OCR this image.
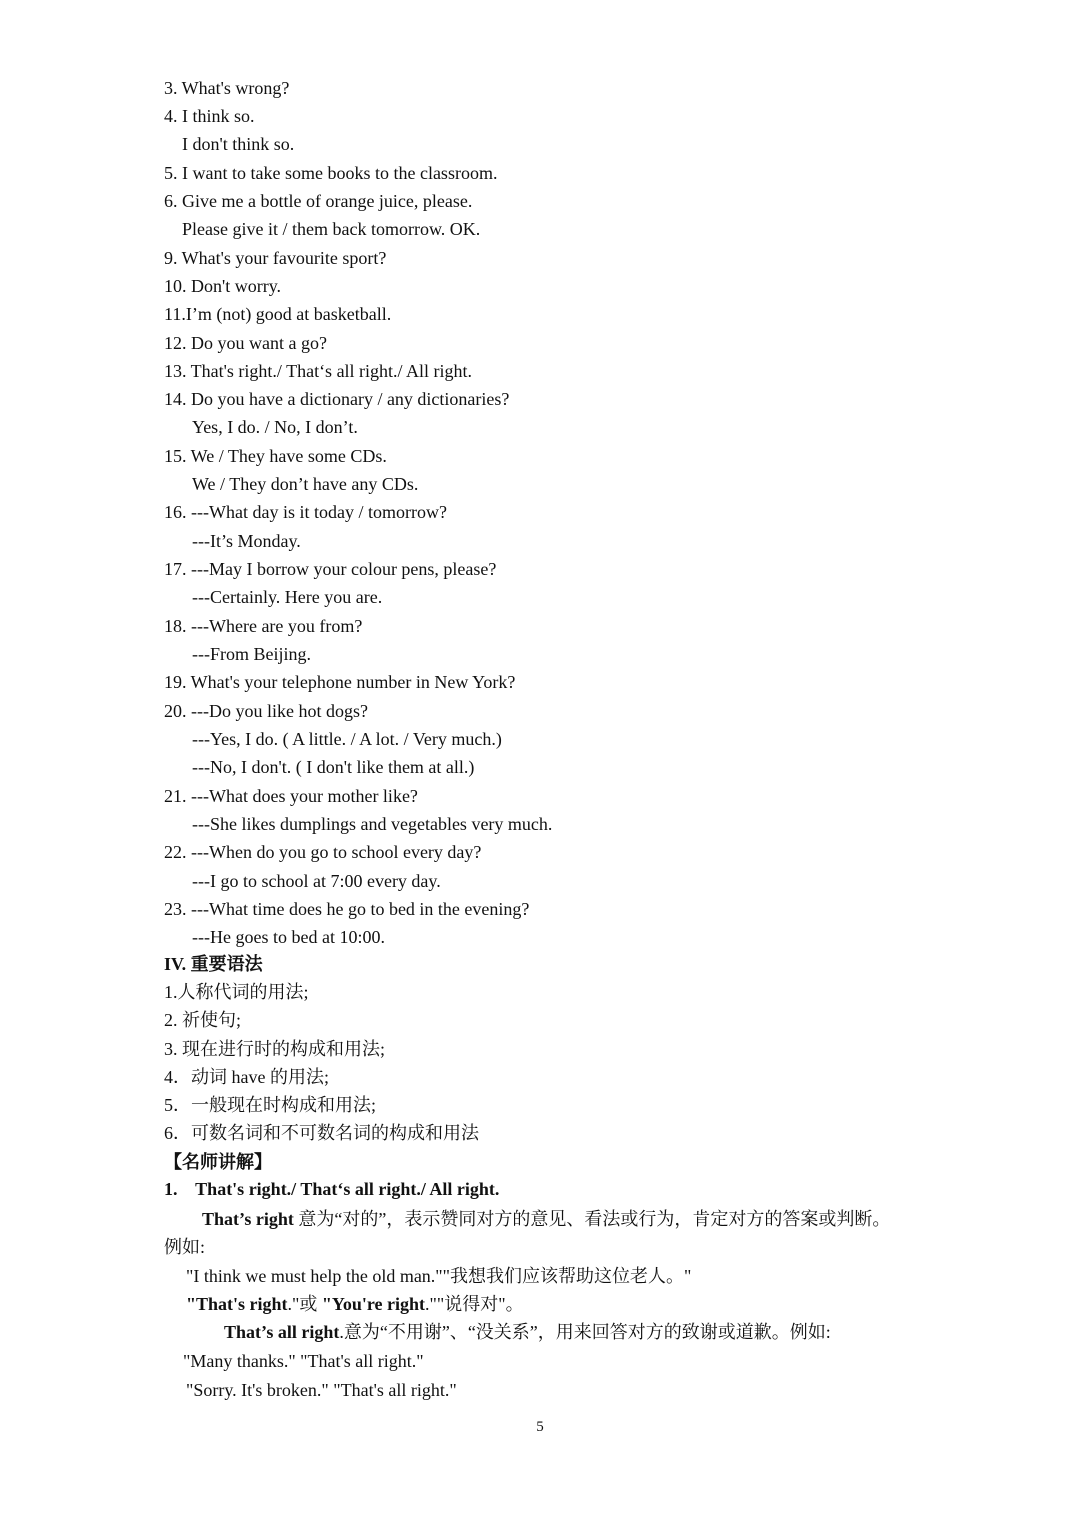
3. What's wrong?
4. I think so.
I don't think so.
5. I want to take some books to the classroom.
6. Give me a bottle of orange juice, please.
Please give it / them back tomorrow. OK.
9. What's your favourite sport?
10. Don't worry.
11.I’m (not) good at basketball.
12. Do you want a go?
13. That's right./ That‘s all right./ All right.
14. Do you have a dictionary / any dictionaries?
Yes, I do. / No, I don’t.
15. We / They have some CDs.
We / They don’t have any CDs.
16. ---What day is it today / tomorrow?
---It’s Monday.
17. ---May I borrow your colour pens, please?
---Certainly. Here you are.
18. ---Where are you from?
---From Beijing.
19. What's your telephone number in New York?
20. ---Do you like hot dogs?
---Yes, I do. ( A little. / A lot. / Very much.)
---No, I don't. ( I don't like them at all.)
21. ---What does your mother like?
---She likes dumplings and vegetables very much.
22. ---When do you go to school every day?
---I go to school at 7:00 every day.
23. ---What time does he go to bed in the evening?
---He goes to bed at 10:00.
IV. 重要语法
1.人称代词的用法;
2. 祈使句;
3. 现在进行时的构成和用法;
4．动词 have 的用法;
5．一般现在时构成和用法;
6．可数名词和不可数名词的构成和用法
【名师讲解】
1.    That's right./ That‘s all right./ All right.
That’s right 意为“对的”，表示赞同对方的意见、看法或行为，肯定对方的答案或判断。
例如:
"I think we must help the old man.""我想我们应该帮助这位老人。"
"That's right."或 "You're right.""说得对"。
That’s all right.意为“不用谢”、“没关系”，用来回答对方的致谢或道歉。例如:
"Many thanks." "That's all right."
"Sorry. It's broken." "That's all right."
5
